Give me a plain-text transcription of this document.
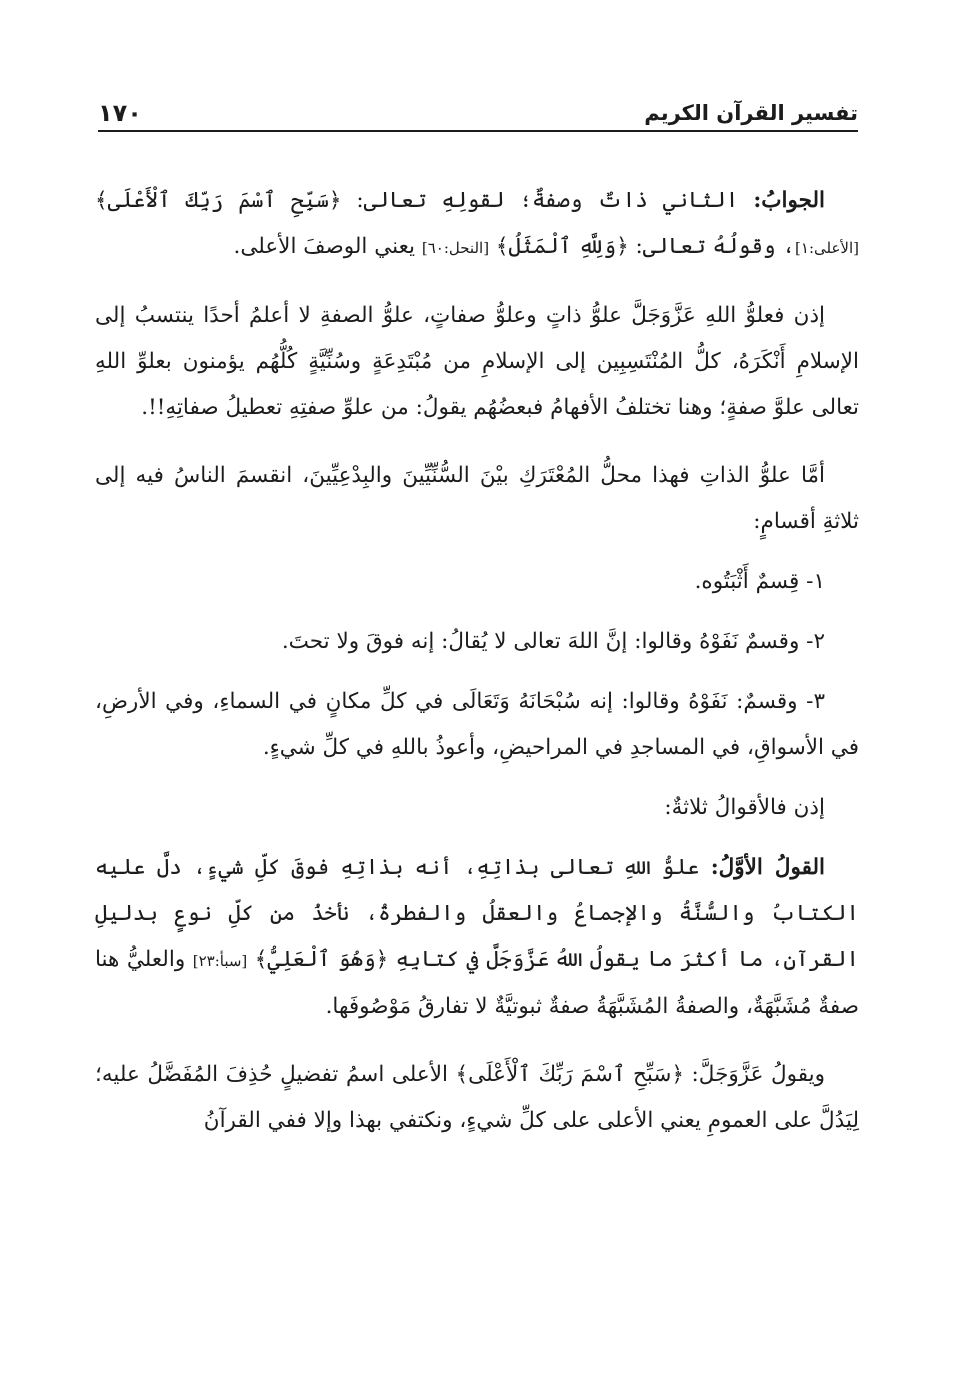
١٧٠	تفسير القرآن الكريم

الجوابُ: الثاني ذاتٌ وصفةٌ؛ لقولِهِ تعالى: ﴿سَبِّحِ ٱسْمَ رَبِّكَ ٱلْأَعْلَى﴾ [الأعلى:١]، وقولُهُ تعالى: ﴿وَلِلَّهِ ٱلْمَثَلُ﴾ [النحل:٦٠] يعني الوصفَ الأعلى.

إذن فعلوُّ اللهِ عَزَّوَجَلَّ علوُّ ذاتٍ وعلوُّ صفاتٍ، علوُّ الصفةِ لا أعلمُ أحدًا ينتسبُ إلى الإسلامِ أَنْكَرَهُ، كلُّ المُنْتَسِبِين إلى الإسلامِ من مُبْتَدِعَةٍ وسُنِّيَّةٍ كُلُّهُم يؤمنون بعلوِّ اللهِ تعالى علوَّ صفةٍ؛ وهنا تختلفُ الأفهامُ فبعضُهُم يقولُ: من علوِّ صفتِهِ تعطيلُ صفاتِهِ!!.

أمَّا علوُّ الذاتِ فهذا محلُّ المُعْتَرَكِ بيْنَ السُّنِّيِّينَ والبِدْعِيِّينَ، انقسمَ الناسُ فيه إلى ثلاثةِ أقسامٍ:

١- قِسمٌ أَثْبَتُوه.

٢- وقسمٌ نَفَوْهُ وقالوا: إنَّ اللهَ تعالى لا يُقالُ: إنه فوقَ ولا تحتَ.

٣- وقسمٌ: نَفَوْهُ وقالوا: إنه سُبْحَانَهُ وَتَعَالَى في كلِّ مكانٍ في السماءِ، وفي الأرضِ، في الأسواقِ، في المساجدِ في المراحيضِ، وأعوذُ باللهِ في كلِّ شيءٍ.

إذن فالأقوالُ ثلاثةٌ:

القولُ الأوَّلُ: علوُّ اللهِ تعالى بذاتِهِ، أنه بذاتِهِ فوقَ كلِّ شيءٍ، دلَّ عليه الكتابُ والسُّنَّةُ والإجماعُ والعقلُ والفطرةُ، نأخذُ من كلِّ نوعٍ بدليلِ القرآنِ، ما أكثرَ ما يقولُ اللهُ عَزَّوَجَلَّ في كتابِهِ ﴿وَهُوَ ٱلْعَلِيُّ﴾ [سبأ:٢٣] والعليُّ هنا صفةٌ مُشَبَّهَةٌ، والصفةُ المُشَبَّهَةُ صفةٌ ثبوتيَّةٌ لا تفارقُ مَوْصُوفَها.

ويقولُ عَزَّوَجَلَّ: ﴿سَبِّحِ ٱسْمَ رَبِّكَ ٱلْأَعْلَى﴾ الأعلى اسمُ تفضيلٍ حُذِفَ المُفَضَّلُ عليه؛ لِيَدُلَّ على العمومِ يعني الأعلى على كلِّ شيءٍ، ونكتفي بهذا وإلا ففي القرآنُ
